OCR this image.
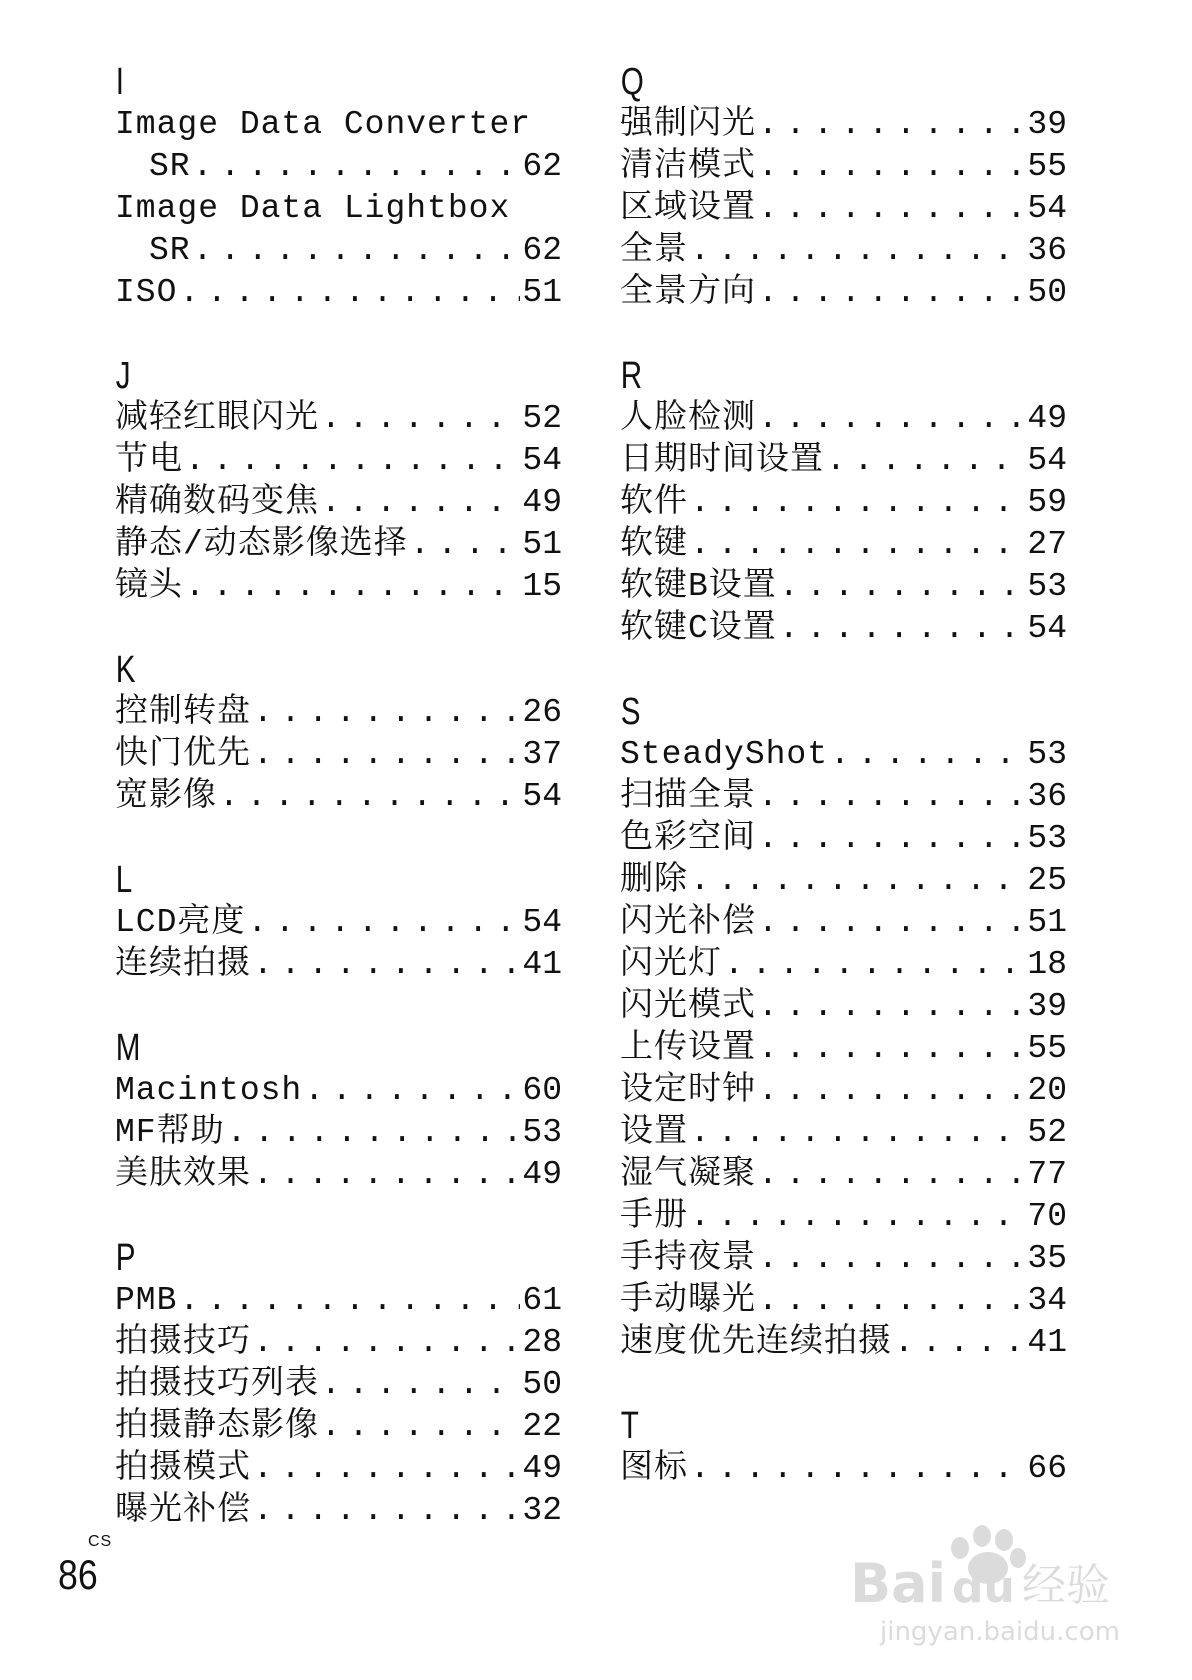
I
Image Data Converter
SR . . .	62
Image Data Lightbox
SR . . .	62
ISO . . .	51
J
减轻红眼闪光 . . .	52
节电 . . .	54
精确数码变焦 . . .	49
静态/动态影像选择 . . .	51
镜头 . . .	15
K
控制转盘 . . .	26
快门优先 . . .	37
宽影像 . . .	54
L
LCD亮度 . . .	54
连续拍摄 . . .	41
M
Macintosh . . .	60
MF帮助 . . .	53
美肤效果 . . .	49
P
PMB . . .	61
拍摄技巧 . . .	28
拍摄技巧列表 . . .	50
拍摄静态影像 . . .	22
拍摄模式 . . .	49
曝光补偿 . . .	32
Q
强制闪光 . . .	39
清洁模式 . . .	55
区域设置 . . .	54
全景 . . .	36
全景方向 . . .	50
R
人脸检测 . . .	49
日期时间设置 . . .	54
软件 . . .	59
软键 . . .	27
软键B设置 . . .	53
软键C设置 . . .	54
S
SteadyShot . . .	53
扫描全景 . . .	36
色彩空间 . . .	53
删除 . . .	25
闪光补偿 . . .	51
闪光灯 . . .	18
闪光模式 . . .	39
上传设置 . . .	55
设定时钟 . . .	20
设置 . . .	52
湿气凝聚 . . .	77
手册 . . .	70
手持夜景 . . .	35
手动曝光 . . .	34
速度优先连续拍摄 . . .	41
T
图标 . . .	66
CS
86	Bai du 经验
jingyan.baidu.com
